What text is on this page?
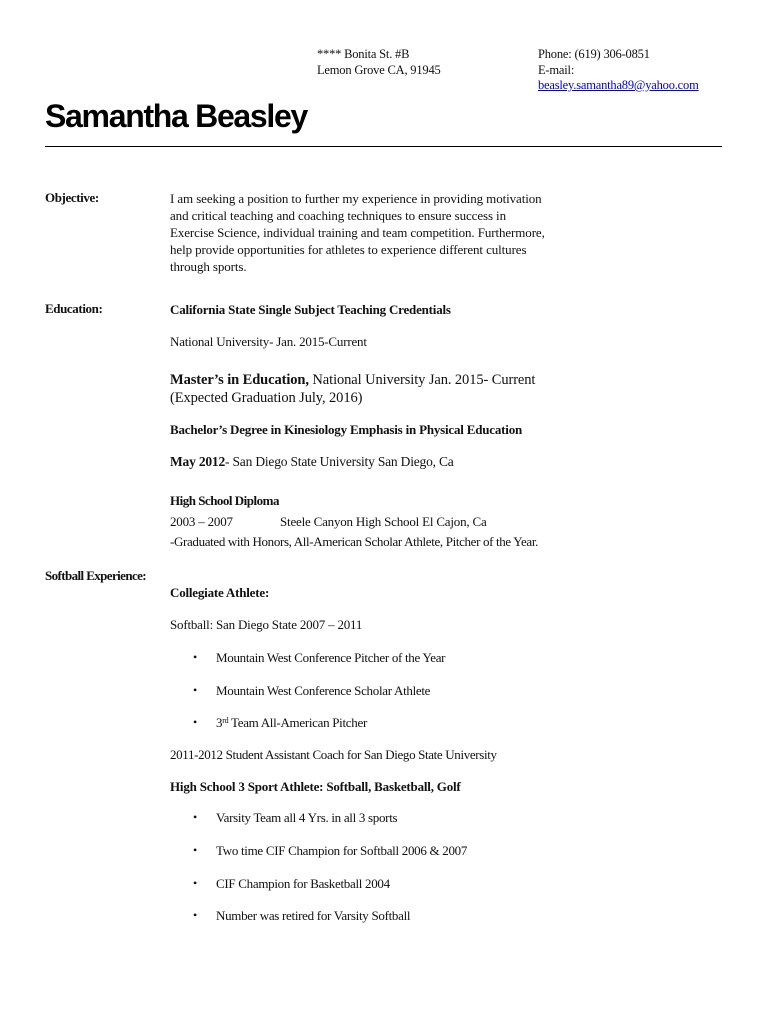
**** Bonita St. #B
Lemon Grove CA, 91945
Phone: (619) 306-0851
E-mail:
beasley.samantha89@yahoo.com
Samantha Beasley
Objective:	I am seeking a position to further my experience in providing motivation
and critical teaching and coaching techniques to ensure success in
Exercise Science, individual training and team competition. Furthermore,
help provide opportunities for athletes to experience different cultures
through sports.
Education:	California State Single Subject Teaching Credentials
National University- Jan. 2015-Current
Master’s in Education, National University Jan. 2015- Current
(Expected Graduation July, 2016)
Bachelor’s Degree in Kinesiology Emphasis in Physical Education
May 2012- San Diego State University San Diego, Ca
High School Diploma
2003 – 2007	Steele Canyon High School El Cajon, Ca
-Graduated with Honors, All-American Scholar Athlete, Pitcher of the Year.
Softball Experience:
Collegiate Athlete:
Softball: San Diego State 2007 – 2011
• Mountain West Conference Pitcher of the Year
• Mountain West Conference Scholar Athlete
• 3rd Team All-American Pitcher
2011-2012 Student Assistant Coach for San Diego State University
High School 3 Sport Athlete: Softball, Basketball, Golf
• Varsity Team all 4 Yrs. in all 3 sports
• Two time CIF Champion for Softball 2006 & 2007
• CIF Champion for Basketball 2004
• Number was retired for Varsity Softball
